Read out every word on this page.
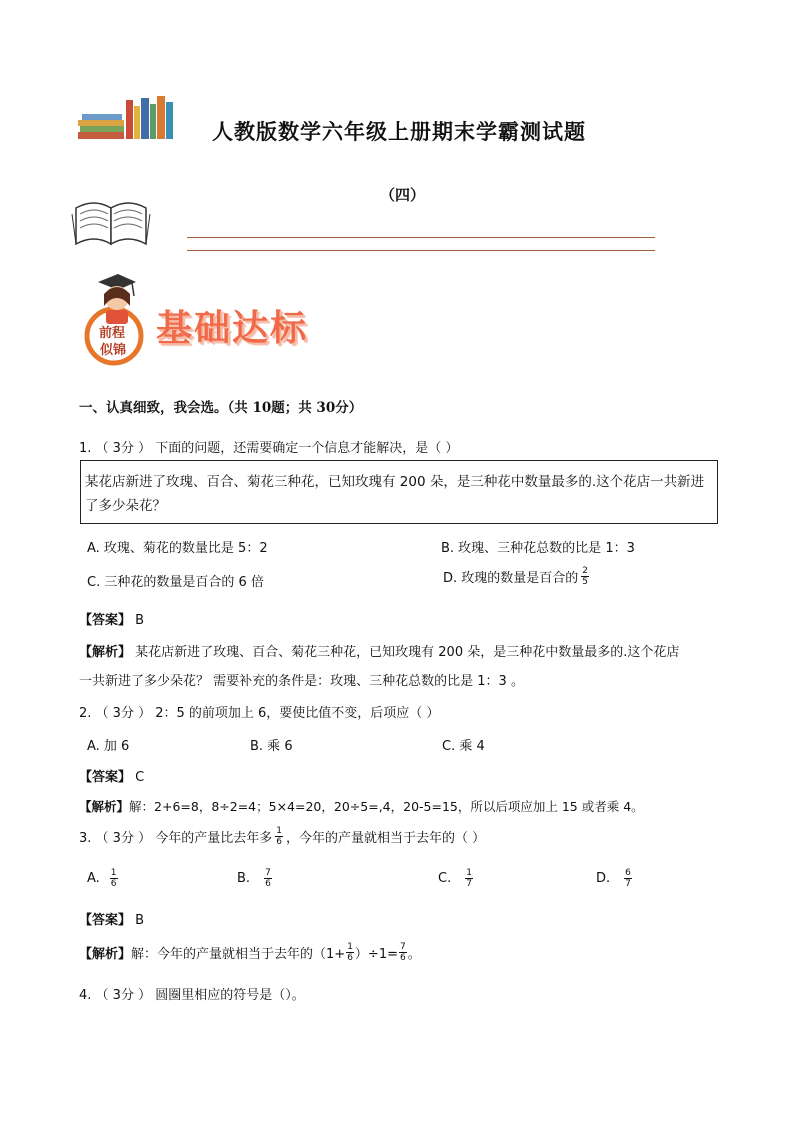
人教版数学六年级上册期末学霸测试题
（四）
前程
似锦
基础达标
一、认真细致，我会选。（共 10题；共 30分）
1. （ 3分 ） 下面的问题，还需要确定一个信息才能解决，是（ ）
某花店新进了玫瑰、百合、菊花三种花，已知玫瑰有 200 朵，是三种花中数量最多的.这个花店一共新进
了多少朵花？
A. 玫瑰、菊花的数量比是 5：2	B. 玫瑰、三种花总数的比是 1：3
C. 三种花的数量是百合的 6 倍	D. 玫瑰的数量是百合的 $\frac{2}{5}$
【答案】 B
【解析】 某花店新进了玫瑰、百合、菊花三种花，已知玫瑰有 200 朵，是三种花中数量最多的.这个花店
一共新进了多少朵花？ 需要补充的条件是：玫瑰、三种花总数的比是 1：3 。
2. （ 3分 ） 2：5 的前项加上 6，要使比值不变，后项应（ ）
A. 加 6	B. 乘 6	C. 乘 4
【答案】 C
【解析】解：2+6=8，8÷2=4；5×4=20，20÷5=,4，20-5=15，所以后项应加上 15 或者乘 4。
3. （ 3分 ） 今年的产量比去年多 $\frac{1}{6}$ ，今年的产量就相当于去年的（ ）
A. $\frac{1}{6}$	B. $\frac{7}{6}$	C. $\frac{1}{7}$	D. $\frac{6}{7}$
【答案】 B
【解析】解：今年的产量就相当于去年的$(1+ \frac{1}{6} )\div 1= \frac{7}{6}$ 。
4. （ 3分 ） 圆圈里相应的符号是（）。
